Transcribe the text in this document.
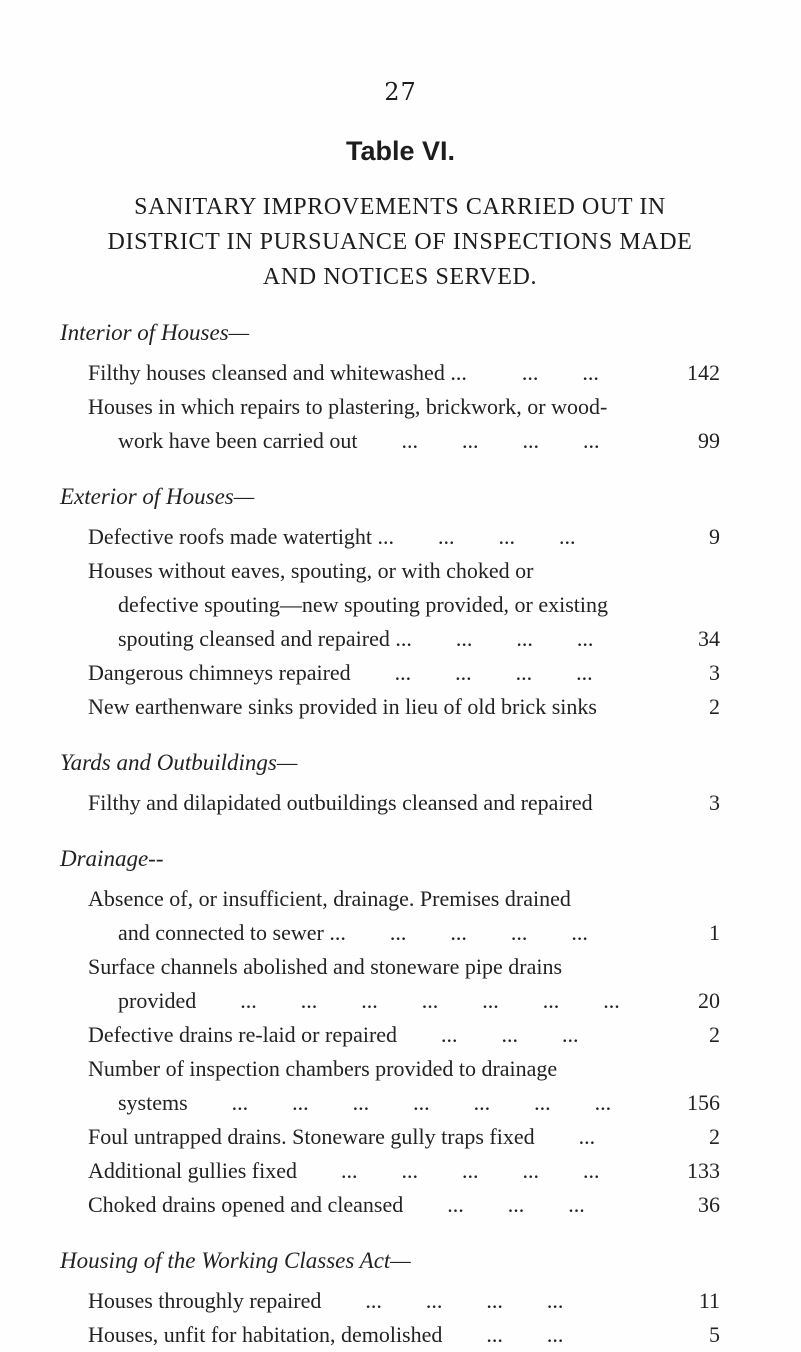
27
Table VI.
SANITARY IMPROVEMENTS CARRIED OUT IN DISTRICT IN PURSUANCE OF INSPECTIONS MADE AND NOTICES SERVED.
Interior of Houses—
Filthy houses cleansed and whitewashed ...          ...        ...	142
Houses in which repairs to plastering, brickwork, or wood-
work have been carried out        ...        ...        ...        ...	99
Exterior of Houses—
Defective roofs made watertight ...        ...        ...        ...	9
Houses without eaves, spouting, or with choked or
defective spouting—new spouting provided, or existing
spouting cleansed and repaired ...        ...        ...        ...	34
Dangerous chimneys repaired        ...        ...        ...        ...	3
New earthenware sinks provided in lieu of old brick sinks	2
Yards and Outbuildings—
Filthy and dilapidated outbuildings cleansed and repaired	3
Drainage--
Absence of, or insufficient, drainage. Premises drained
and connected to sewer ...        ...        ...        ...        ...	1
Surface channels abolished and stoneware pipe drains
provided        ...        ...        ...        ...        ...        ...        ...	20
Defective drains re-laid or repaired        ...        ...        ...	2
Number of inspection chambers provided to drainage
systems        ...        ...        ...        ...        ...        ...        ...	156
Foul untrapped drains. Stoneware gully traps fixed        ...	2
Additional gullies fixed        ...        ...        ...        ...        ...	133
Choked drains opened and cleansed        ...        ...        ...	36
Housing of the Working Classes Act—
Houses throughly repaired        ...        ...        ...        ...	11
Houses, unfit for habitation, demolished        ...        ...	5
